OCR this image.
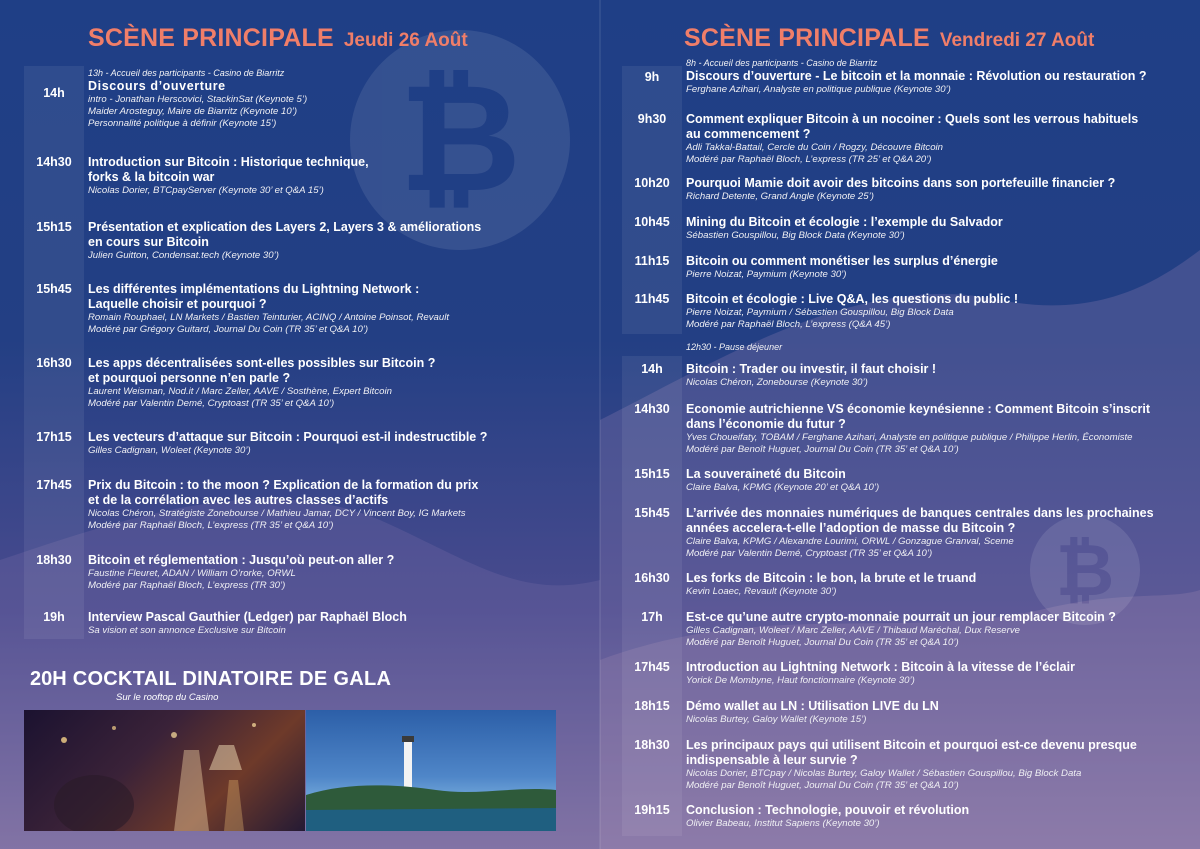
₿
₿
SCÈNE PRINCIPALE Jeudi 26 Août
14h
13h - Accueil des participants - Casino de Biarritz
Discours d’ouverture
intro - Jonathan Herscovici, StackinSat (Keynote 5’)
Maider Arosteguy, Maire de Biarritz (Keynote 10’)
Personnalité politique à définir (Keynote 15’)
14h30	Introduction sur Bitcoin : Historique technique,
forks & la bitcoin war
Nicolas Dorier, BTCpayServer (Keynote 30’ et Q&A 15’)
15h15	Présentation et explication des Layers 2, Layers 3 & améliorations
en cours sur Bitcoin
Julien Guitton, Condensat.tech (Keynote 30’)
15h45	Les différentes implémentations du Lightning Network :
Laquelle choisir et pourquoi ?
Romain Rouphael, LN Markets / Bastien Teinturier, ACINQ / Antoine Poinsot, Revault
Modéré par Grégory Guitard, Journal Du Coin (TR 35’ et Q&A 10’)
16h30	Les apps décentralisées sont-elles possibles sur Bitcoin ?
et pourquoi personne n’en parle ?
Laurent Weisman, Nod.it / Marc Zeller, AAVE / Sosthène, Expert Bitcoin
Modéré par Valentin Demé, Cryptoast (TR 35’ et Q&A 10’)
17h15	Les vecteurs d’attaque sur Bitcoin : Pourquoi est-il indestructible ?
Gilles Cadignan, Woleet (Keynote 30’)
17h45	Prix du Bitcoin : to the moon ? Explication de la formation du prix
et de la corrélation avec les autres classes d’actifs
Nicolas Chéron, Stratégiste Zonebourse / Mathieu Jamar, DCY / Vincent Boy, IG Markets
Modéré par Raphaël Bloch, L’express (TR 35’ et Q&A 10’)
18h30	Bitcoin et réglementation : Jusqu’où peut-on aller ?
Faustine Fleuret, ADAN / William O’rorke, ORWL
Modéré par Raphaël Bloch, L’express (TR 30’)
19h	Interview Pascal Gauthier (Ledger) par Raphaël Bloch
Sa vision et son annonce Exclusive sur Bitcoin
20H COCKTAIL DINATOIRE DE GALA
Sur le rooftop du Casino
SCÈNE PRINCIPALE Vendredi 27 Août
9h
8h - Accueil des participants - Casino de Biarritz
Discours d’ouverture - Le bitcoin et la monnaie : Révolution ou restauration ?
Ferghane Azihari, Analyste en politique publique (Keynote 30’)
9h30	Comment expliquer Bitcoin à un nocoiner : Quels sont les verrous habituels
au commencement ?
Adli Takkal-Battail, Cercle du Coin / Rogzy, Découvre Bitcoin
Modéré par Raphaël Bloch, L’express (TR 25’ et Q&A 20’)
10h20	Pourquoi Mamie doit avoir des bitcoins dans son portefeuille financier ?
Richard Detente, Grand Angle (Keynote 25’)
10h45	Mining du Bitcoin et écologie : l’exemple du Salvador
Sébastien Gouspillou, Big Block Data (Keynote 30’)
11h15	Bitcoin ou comment monétiser les surplus d’énergie
Pierre Noizat, Paymium (Keynote 30’)
11h45	Bitcoin et écologie : Live Q&A, les questions du public !
Pierre Noizat, Paymium / Sébastien Gouspillou, Big Block Data
Modéré par Raphaël Bloch, L’express (Q&A 45’)
14h	Bitcoin : Trader ou investir, il faut choisir !
Nicolas Chéron, Zonebourse (Keynote 30’)
14h30	Economie autrichienne VS économie keynésienne : Comment Bitcoin s’inscrit
dans l’économie du futur ?
Yves Choueifaty, TOBAM / Ferghane Azihari, Analyste en politique publique / Philippe Herlin, Économiste
Modéré par Benoît Huguet, Journal Du Coin (TR 35’ et Q&A 10’)
15h15	La souveraineté du Bitcoin
Claire Balva, KPMG (Keynote 20’ et Q&A 10’)
15h45	L’arrivée des monnaies numériques de banques centrales dans les prochaines
années accelera-t-elle l’adoption de masse du Bitcoin ?
Claire Balva, KPMG / Alexandre Lourimi, ORWL / Gonzague Granval, Sceme
Modéré par Valentin Demé, Cryptoast (TR 35’ et Q&A 10’)
16h30	Les forks de Bitcoin : le bon, la brute et le truand
Kevin Loaec, Revault (Keynote 30’)
17h	Est-ce qu’une autre crypto-monnaie pourrait un jour remplacer Bitcoin ?
Gilles Cadignan, Woleet / Marc Zeller, AAVE / Thibaud Maréchal, Dux Reserve
Modéré par Benoît Huguet, Journal Du Coin (TR 35’ et Q&A 10’)
17h45	Introduction au Lightning Network : Bitcoin à la vitesse de l’éclair
Yorick De Mombyne, Haut fonctionnaire (Keynote 30’)
18h15	Démo wallet au LN : Utilisation LIVE du LN
Nicolas Burtey, Galoy Wallet (Keynote 15’)
18h30	Les principaux pays qui utilisent Bitcoin et pourquoi est-ce devenu presque
indispensable à leur survie ?
Nicolas Dorier, BTCpay / Nicolas Burtey, Galoy Wallet / Sébastien Gouspillou, Big Block Data
Modéré par Benoît Huguet, Journal Du Coin (TR 35’ et Q&A 10’)
19h15	Conclusion : Technologie, pouvoir et révolution
Olivier Babeau, Institut Sapiens (Keynote 30’)
12h30 - Pause déjeuner
